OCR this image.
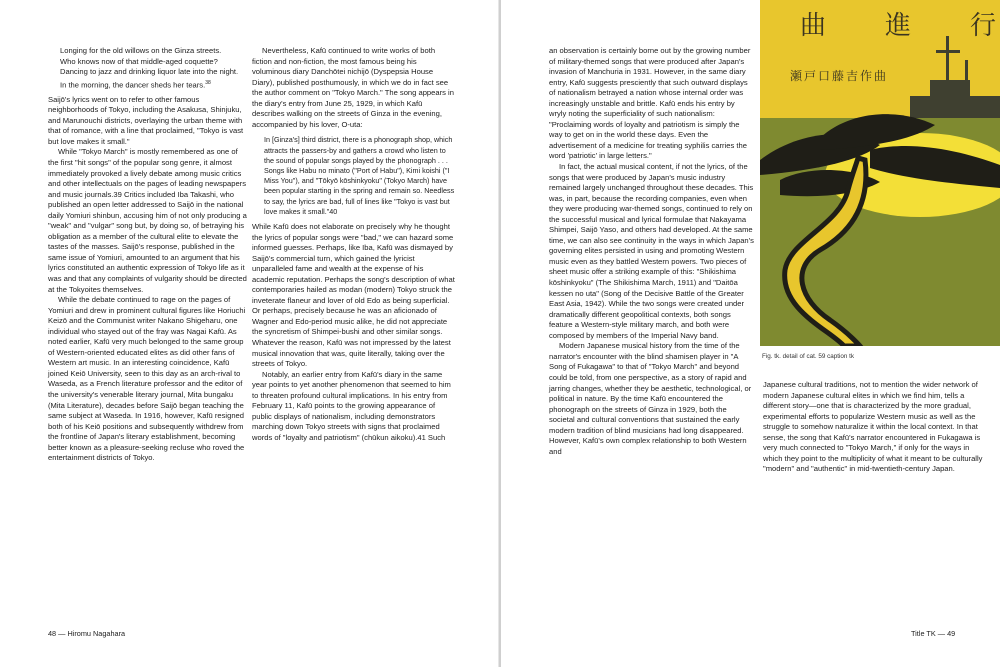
Longing for the old willows on the Ginza streets.
Who knows now of that middle-aged coquette?
Dancing to jazz and drinking liquor late into the night.
In the morning, the dancer sheds her tears.$^{38}$

Saijō's lyrics went on to refer to other famous neighborhoods of Tokyo, including the Asakusa, Shinjuku, and Marunouchi districts, overlaying the urban theme with that of romance, with a line that proclaimed, "Tokyo is vast but love makes it small."

While "Tokyo March" is mostly remembered as one of the first "hit songs" of the popular song genre, it almost immediately provoked a lively debate among music critics and other intellectuals on the pages of leading newspapers and music journals.39 Critics included Iba Takashi, who published an open letter addressed to Saijō in the national daily Yomiuri shinbun, accusing him of not only producing a "weak" and "vulgar" song but, by doing so, of betraying his obligation as a member of the cultural elite to elevate the tastes of the masses. Saijō's response, published in the same issue of Yomiuri, amounted to an argument that his lyrics constituted an authentic expression of Tokyo life as it was and that any complaints of vulgarity should be directed at the Tokyoites themselves.

While the debate continued to rage on the pages of Yomiuri and drew in prominent cultural figures like Horiuchi Keizō and the Communist writer Nakano Shigeharu, one individual who stayed out of the fray was Nagai Kafū. As noted earlier, Kafū very much belonged to the same group of Western-oriented educated elites as did other fans of Western art music. In an interesting coincidence, Kafū joined Keiō University, seen to this day as an arch-rival to Waseda, as a French literature professor and the editor of the university's venerable literary journal, Mita bungaku (Mita Literature), decades before Saijō began teaching the same subject at Waseda. In 1916, however, Kafū resigned both of his Keiō positions and subsequently withdrew from the frontline of Japan's literary establishment, becoming better known as a pleasure-seeking recluse who roved the entertainment districts of Tokyo.

Nevertheless, Kafū continued to write works of both fiction and non-fiction, the most famous being his voluminous diary Danchōtei nichijō (Dyspepsia House Diary), published posthumously, in which we do in fact see the author comment on "Tokyo March." The song appears in the diary's entry from June 25, 1929, in which Kafū describes walking on the streets of Ginza in the evening, accompanied by his lover, O-uta:

In [Ginza's] third district, there is a phonograph shop, which attracts the passers-by and gathers a crowd who listen to the sound of popular songs played by the phonograph . . . Songs like Habu no minato ("Port of Habu"), Kimi koishi ("I Miss You"), and "Tōkyō kōshinkyoku" (Tokyo March) have been popular starting in the spring and remain so. Needless to say, the lyrics are bad, full of lines like "Tokyo is vast but love makes it small."40

While Kafū does not elaborate on precisely why he thought the lyrics of popular songs were "bad," we can hazard some informed guesses. Perhaps, like Iba, Kafū was dismayed by Saijō's commercial turn, which gained the lyricist unparalleled fame and wealth at the expense of his academic reputation. Perhaps the song's description of what contemporaries hailed as modan (modern) Tokyo struck the inveterate flaneur and lover of old Edo as being superficial. Or perhaps, precisely because he was an aficionado of Wagner and Edo-period music alike, he did not appreciate the syncretism of Shimpei-bushi and other similar songs. Whatever the reason, Kafū was not impressed by the latest musical innovation that was, quite literally, taking over the streets of Tokyo.

Notably, an earlier entry from Kafū's diary in the same year points to yet another phenomenon that seemed to him to threaten profound cultural implications. In his entry from February 11, Kafū points to the growing appearance of public displays of nationalism, including demonstrators marching down Tokyo streets with signs that proclaimed words of "loyalty and patriotism" (chūkun aikoku).41 Such

48 — Hiromu Nagahara

an observation is certainly borne out by the growing number of military-themed songs that were produced after Japan's invasion of Manchuria in 1931. However, in the same diary entry, Kafū suggests presciently that such outward displays of nationalism betrayed a nation whose internal order was increasingly unstable and brittle. Kafū ends his entry by wryly noting the superficiality of such nationalism: "Proclaiming words of loyalty and patriotism is simply the way to get on in the world these days. Even the advertisement of a medicine for treating syphilis carries the word 'patriotic' in large letters."

In fact, the actual musical content, if not the lyrics, of the songs that were produced by Japan's music industry remained largely unchanged throughout these decades. This was, in part, because the recording companies, even when they were producing war-themed songs, continued to rely on the successful musical and lyrical formulae that Nakayama Shimpei, Saijō Yaso, and others had developed. At the same time, we can also see continuity in the ways in which Japan's governing elites persisted in using and promoting Western music even as they battled Western powers. Two pieces of sheet music offer a striking example of this: "Shikishima kōshinkyoku" (The Shikishima March, 1911) and "Daitōa kessen no uta" (Song of the Decisive Battle of the Greater East Asia, 1942). While the two songs were created under dramatically different geopolitical contexts, both songs feature a Western-style military march, and both were composed by members of the Imperial Navy band.

Modern Japanese musical history from the time of the narrator's encounter with the blind shamisen player in "A Song of Fukagawa" to that of "Tokyo March" and beyond could be told, from one perspective, as a story of rapid and jarring changes, whether they be aesthetic, technological, or political in nature. By the time Kafū encountered the phonograph on the streets of Ginza in 1929, both the societal and cultural conventions that sustained the early modern tradition of blind musicians had long disappeared. However, Kafū's own complex relationship to both Western and

Japanese cultural traditions, not to mention the wider network of modern Japanese cultural elites in which we find him, tells a different story—one that is characterized by the more gradual, experimental efforts to popularize Western music as well as the struggle to somehow naturalize it within the local context. In that sense, the song that Kafū's narrator encountered in Fukagawa is very much connected to "Tokyo March," if only for the ways in which they point to the multiplicity of what it meant to be culturally "modern" and "authentic" in mid-twentieth-century Japan.

Title TK — 49
行
進
曲
瀬戸口藤吉作曲
Fig. tk. detail of cat. 59 caption tk
